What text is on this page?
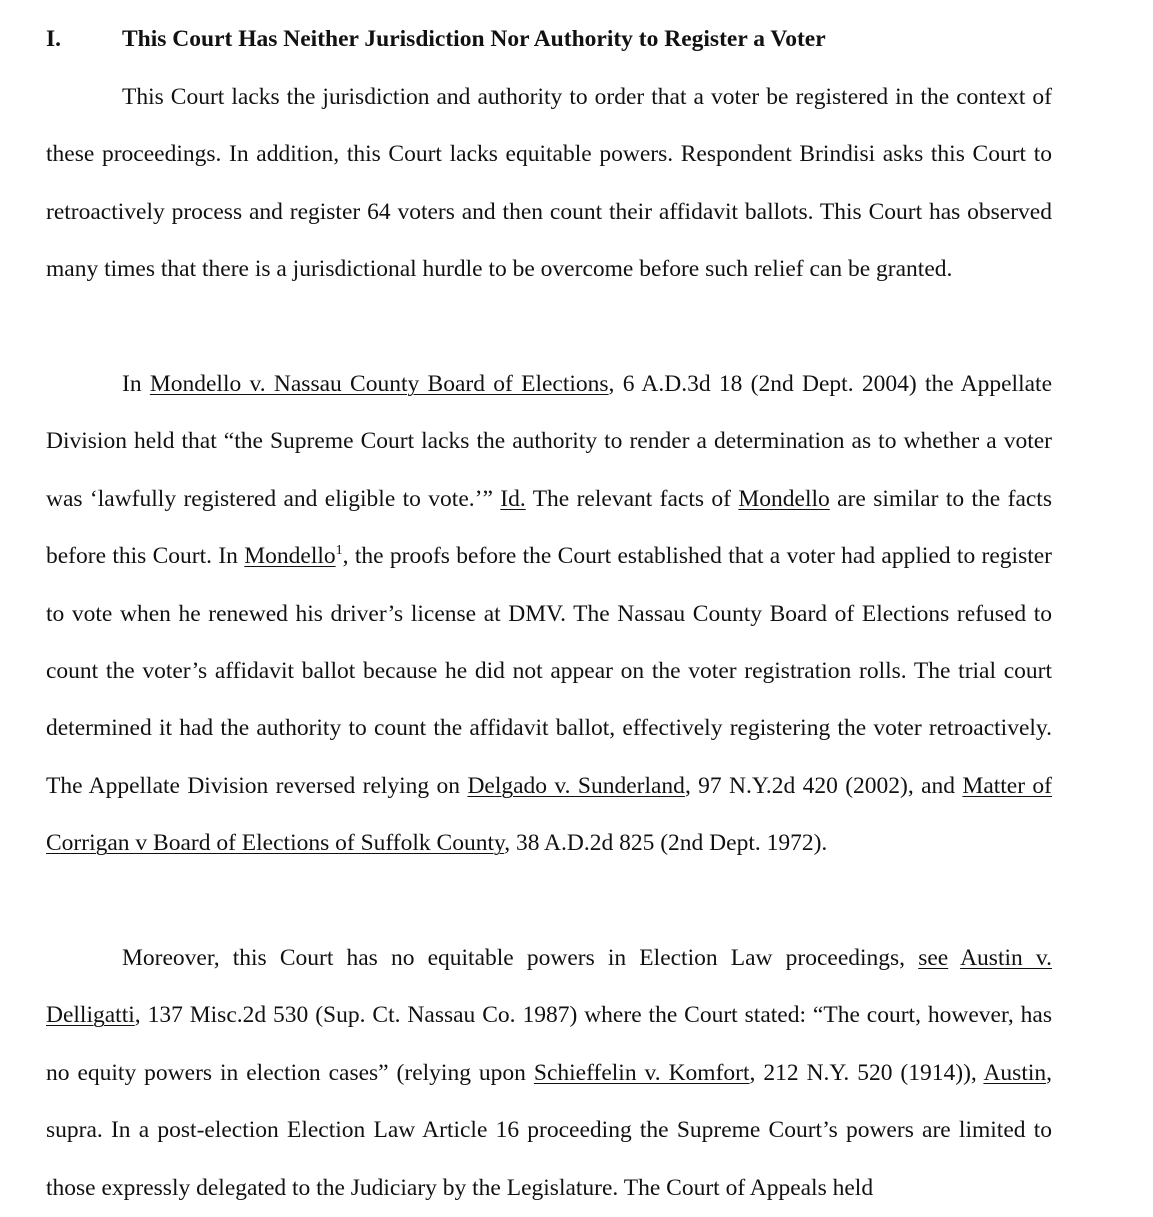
I.	This Court Has Neither Jurisdiction Nor Authority to Register a Voter

This Court lacks the jurisdiction and authority to order that a voter be registered in the context of these proceedings. In addition, this Court lacks equitable powers. Respondent Brindisi asks this Court to retroactively process and register 64 voters and then count their affidavit ballots. This Court has observed many times that there is a jurisdictional hurdle to be overcome before such relief can be granted.

In Mondello v. Nassau County Board of Elections, 6 A.D.3d 18 (2nd Dept. 2004) the Appellate Division held that “the Supreme Court lacks the authority to render a determination as to whether a voter was ‘lawfully registered and eligible to vote.’” Id. The relevant facts of Mondello are similar to the facts before this Court. In Mondello$^1$, the proofs before the Court established that a voter had applied to register to vote when he renewed his driver’s license at DMV. The Nassau County Board of Elections refused to count the voter’s affidavit ballot because he did not appear on the voter registration rolls. The trial court determined it had the authority to count the affidavit ballot, effectively registering the voter retroactively. The Appellate Division reversed relying on Delgado v. Sunderland, 97 N.Y.2d 420 (2002), and Matter of Corrigan v Board of Elections of Suffolk County, 38 A.D.2d 825 (2nd Dept. 1972).

Moreover, this Court has no equitable powers in Election Law proceedings, see Austin v. Delligatti, 137 Misc.2d 530 (Sup. Ct. Nassau Co. 1987) where the Court stated: “The court, however, has no equity powers in election cases” (relying upon Schieffelin v. Komfort, 212 N.Y. 520 (1914)), Austin, supra. In a post-election Election Law Article 16 proceeding the Supreme Court’s powers are limited to those expressly delegated to the Judiciary by the Legislature. The Court of Appeals held
